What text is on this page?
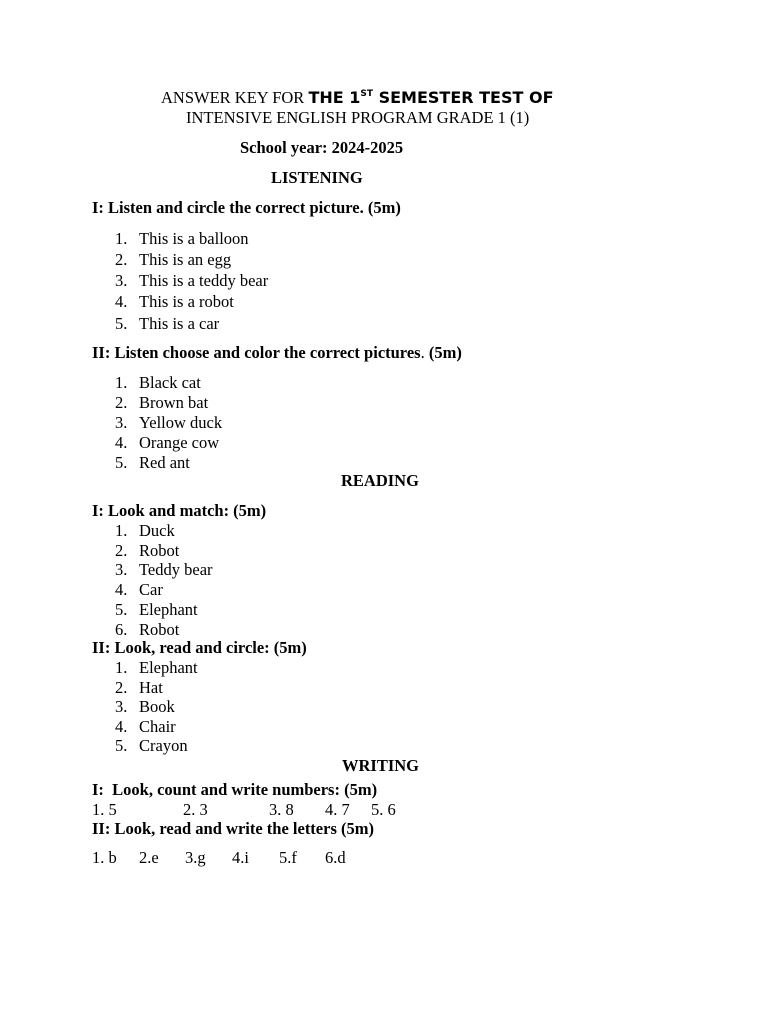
ANSWER KEY FOR THE 1ST SEMESTER TEST OF
INTENSIVE ENGLISH PROGRAM GRADE 1 (1)
School year: 2024-2025
LISTENING
I: Listen and circle the correct picture. (5m)
1. This is a balloon
2. This is an egg
3. This is a teddy bear
4. This is a robot
5. This is a car
II: Listen choose and color the correct pictures. (5m)
1. Black cat
2. Brown bat
3. Yellow duck
4. Orange cow
5. Red ant
READING
I: Look and match: (5m)
1. Duck
2. Robot
3. Teddy bear
4. Car
5. Elephant
6. Robot
II: Look, read and circle: (5m)
1. Elephant
2. Hat
3. Book
4. Chair
5. Crayon
WRITING
I:  Look, count and write numbers: (5m)
1. 5	2. 3	3. 8 4. 7 5. 6
II: Look, read and write the letters (5m)
1. b 2.e 3.g 4.i 5.f 6.d
